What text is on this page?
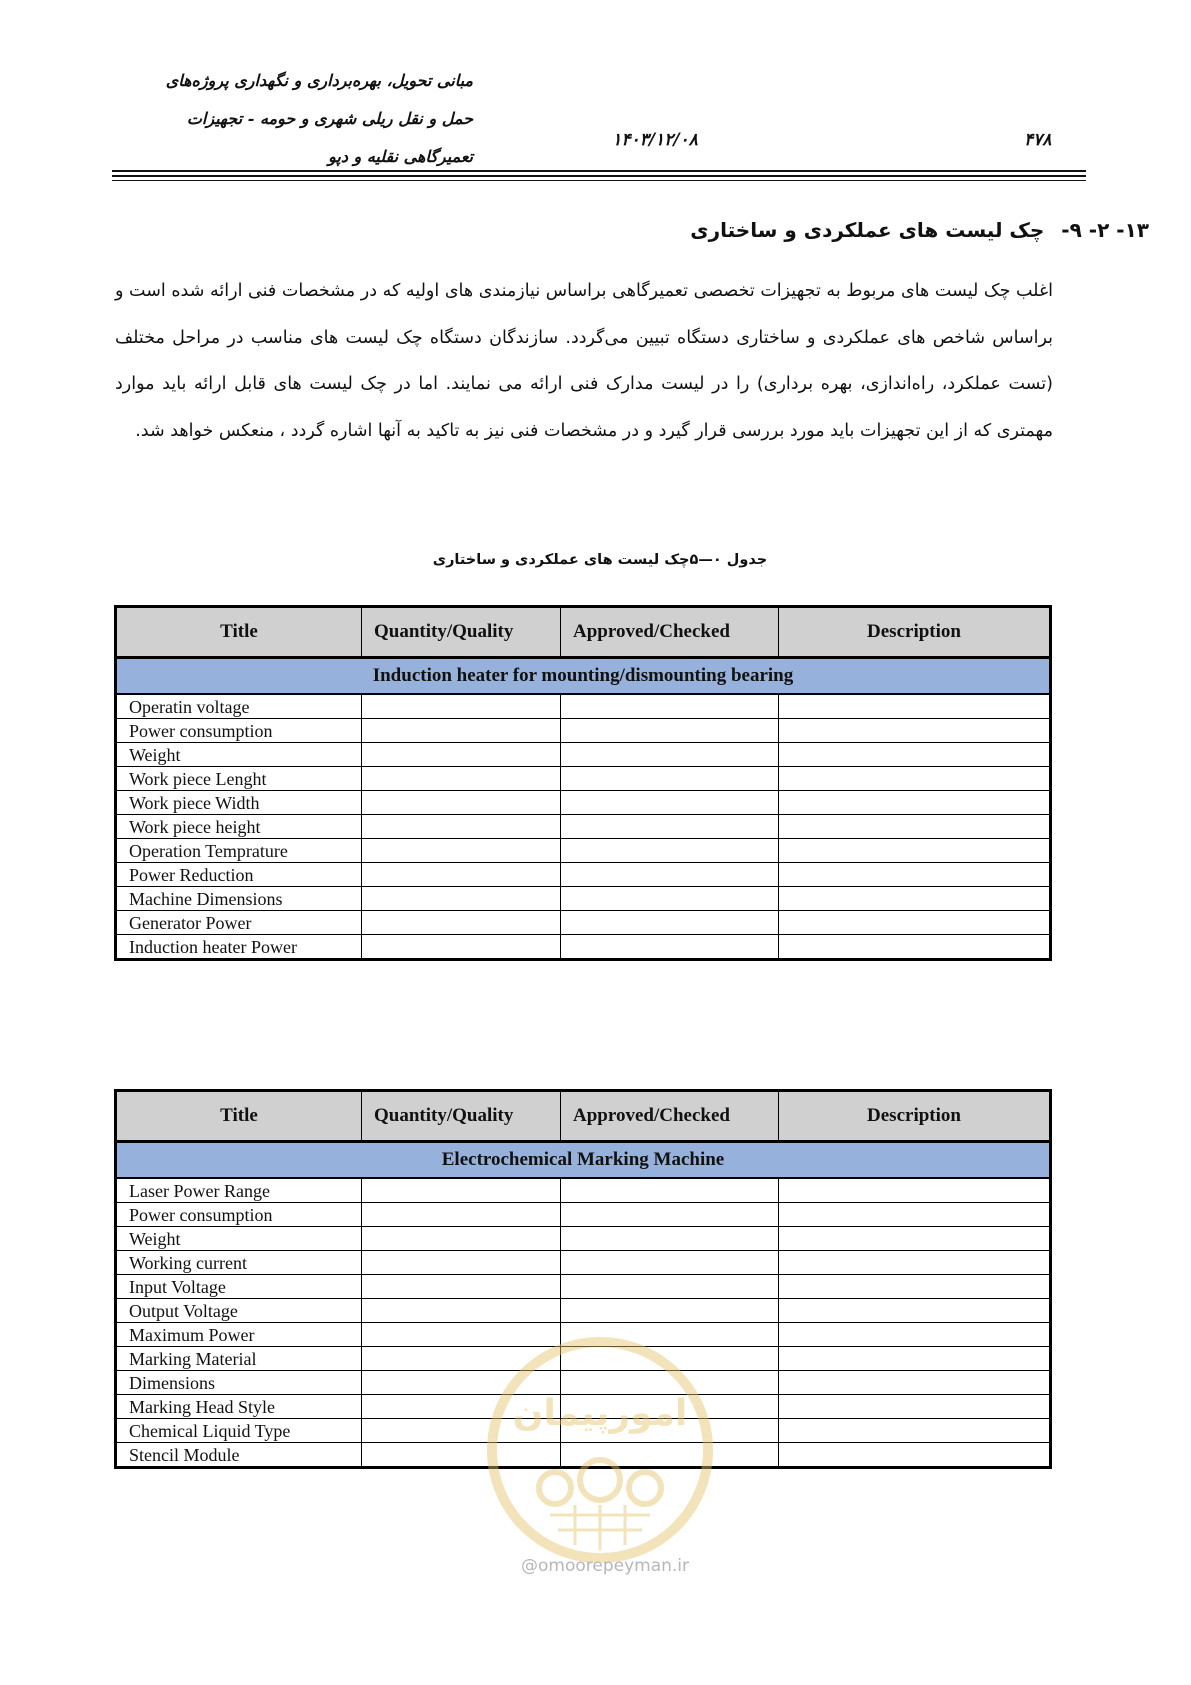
مبانی تحویل، بهره‌برداری و نگهداری پروژه‌های
حمل و نقل ریلی شهری و حومه - تجهیزات
تعمیرگاهی نقلیه و دپو
۱۴۰۳/۱۲/۰۸	۴۷۸
۱۳- ۲- ۹- چک لیست های عملکردی و ساختاری
اغلب چک لیست های مربوط به تجهیزات تخصصی تعمیرگاهی براساس نیازمندی های اولیه که در مشخصات فنی ارائه شده است و براساس شاخص های عملکردی و ساختاری دستگاه تبیین می‌گردد. سازندگان دستگاه چک لیست های مناسب در مراحل مختلف (تست عملکرد، راه‌اندازی، بهره برداری) را در لیست مدارک فنی ارائه می نمایند. اما در چک لیست های قابل ارائه باید موارد مهمتری که از این تجهیزات باید مورد بررسی قرار گیرد و در مشخصات فنی نیز به تاکید به آنها اشاره گردد ، منعکس خواهد شد.
جدول ۰—۵چک لیست های عملکردی و ساختاری
Title	Quantity/Quality	Approved/Checked	Description
Induction heater for mounting/dismounting bearing			
Operatin voltage			
Power consumption			
Weight			
Work piece Lenght			
Work piece Width			
Work piece height			
Operation Temprature			
Power Reduction			
Machine Dimensions			
Generator Power			
Induction heater Power			
Title	Quantity/Quality	Approved/Checked	Description
Electrochemical Marking Machine			
Laser Power Range			
Power consumption			
Weight			
Working current			
Input Voltage			
Output Voltage			
Maximum Power			
Marking Material			
Dimensions			
Marking Head Style			
Chemical Liquid Type			
Stencil Module			
امورپیمان
@omoorepeyman.ir
